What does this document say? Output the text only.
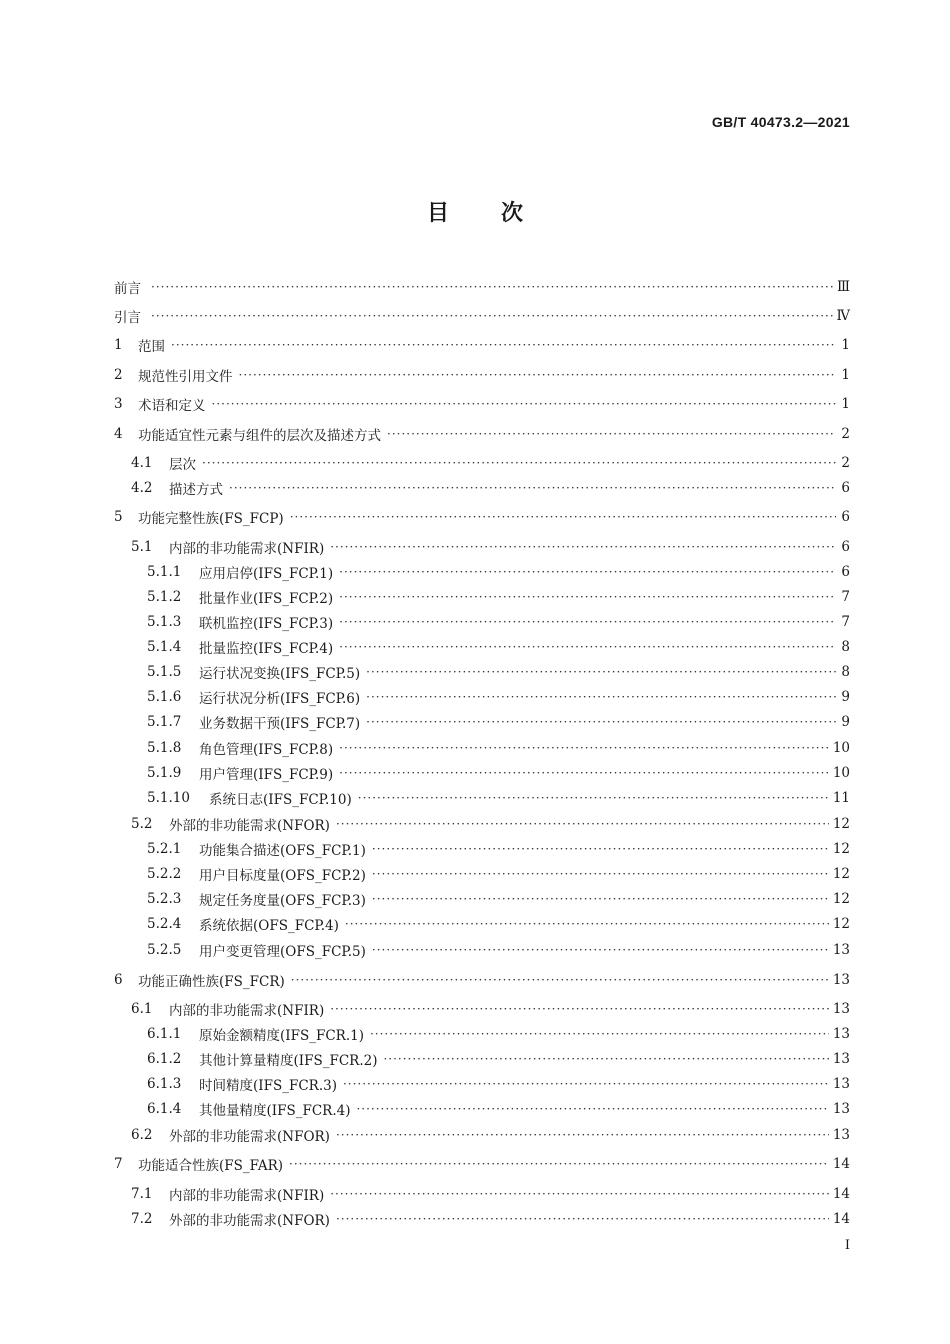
GB/T 40473.2—2021
目次
前言 ·····	Ⅲ
引言 ·····	Ⅳ
1	范围 ·····	1
2	规范性引用文件 ·····	1
3	术语和定义 ·····	1
4	功能适宜性元素与组件的层次及描述方式 ·····	2
4.1	层次 ·····	2
4.2	描述方式 ·····	6
5	功能完整性族(FS_FCP) ·····	6
5.1	内部的非功能需求(NFIR) ·····	6
5.1.1	应用启停(IFS_FCP.1) ·····	6
5.1.2	批量作业(IFS_FCP.2) ·····	7
5.1.3	联机监控(IFS_FCP.3) ·····	7
5.1.4	批量监控(IFS_FCP.4) ·····	8
5.1.5	运行状况变换(IFS_FCP.5) ·····	8
5.1.6	运行状况分析(IFS_FCP.6) ·····	9
5.1.7	业务数据干预(IFS_FCP.7) ·····	9
5.1.8	角色管理(IFS_FCP.8) ·····	10
5.1.9	用户管理(IFS_FCP.9) ·····	10
5.1.10	系统日志(IFS_FCP.10) ·····	11
5.2	外部的非功能需求(NFOR) ·····	12
5.2.1	功能集合描述(OFS_FCP.1) ·····	12
5.2.2	用户目标度量(OFS_FCP.2) ·····	12
5.2.3	规定任务度量(OFS_FCP.3) ·····	12
5.2.4	系统依据(OFS_FCP.4) ·····	12
5.2.5	用户变更管理(OFS_FCP.5) ·····	13
6	功能正确性族(FS_FCR) ·····	13
6.1	内部的非功能需求(NFIR) ·····	13
6.1.1	原始金额精度(IFS_FCR.1) ·····	13
6.1.2	其他计算量精度(IFS_FCR.2) ·····	13
6.1.3	时间精度(IFS_FCR.3) ·····	13
6.1.4	其他量精度(IFS_FCR.4) ·····	13
6.2	外部的非功能需求(NFOR) ·····	13
7	功能适合性族(FS_FAR) ·····	14
7.1	内部的非功能需求(NFIR) ·····	14
7.2	外部的非功能需求(NFOR) ·····	14
I
